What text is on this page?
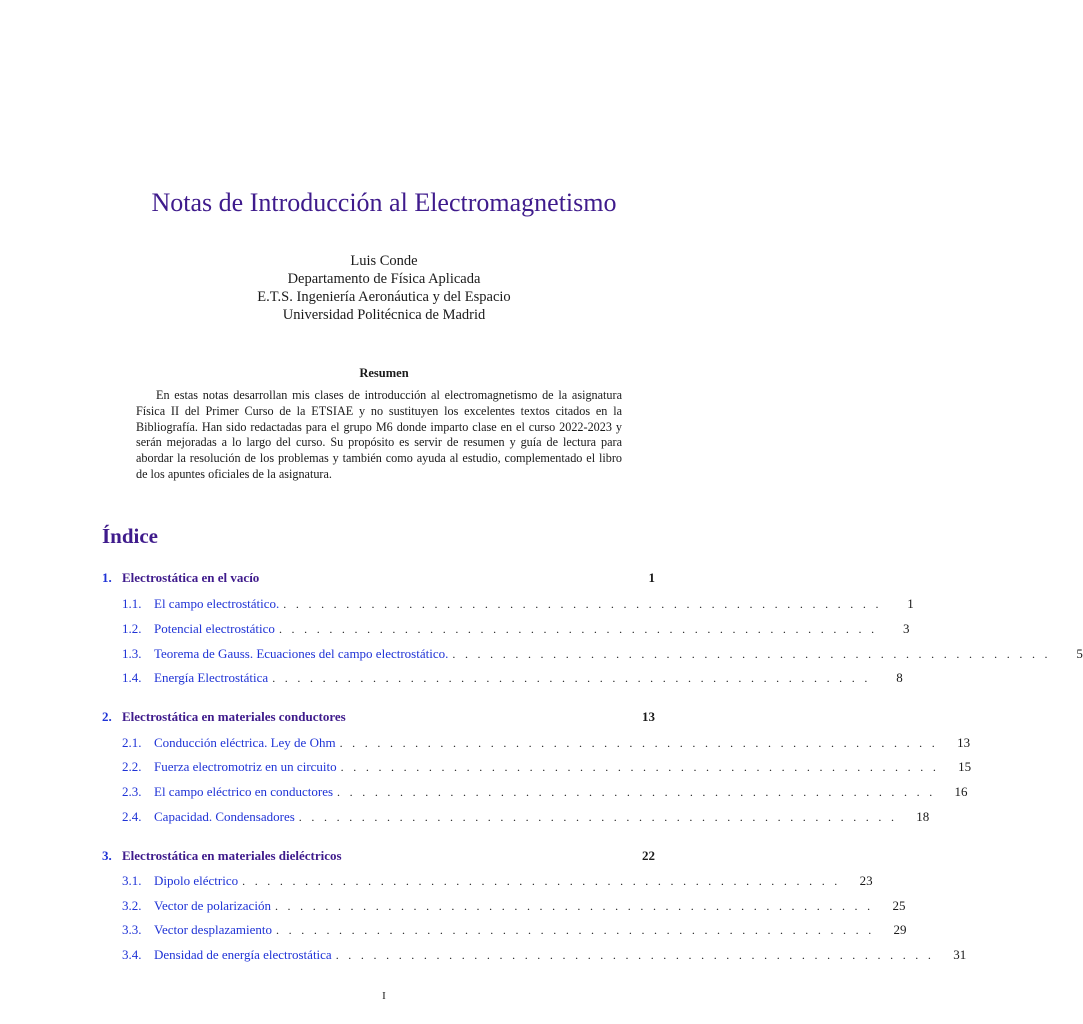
Notas de Introducción al Electromagnetismo
Luis Conde
Departamento de Física Aplicada
E.T.S. Ingeniería Aeronáutica y del Espacio
Universidad Politécnica de Madrid
Resumen

En estas notas desarrollan mis clases de introducción al electromagnetismo de la asignatura Física II del Primer Curso de la ETSIAE y no sustituyen los excelentes textos citados en la Bibliografía. Han sido redactadas para el grupo M6 donde imparto clase en el curso 2022-2023 y serán mejoradas a lo largo del curso. Su propósito es servir de resumen y guía de lectura para abordar la resolución de los problemas y también como ayuda al estudio, complementado el libro de los apuntes oficiales de la asignatura.

Índice
1. Electrostática en el vacío	1
1.1. El campo electrostático. . . . . . . . . . . . . . . . . . . . . . . . . . . . . . . . . . . . . . . . . . . . . . . . .	1
1.2. Potencial electrostático . . . . . . . . . . . . . . . . . . . . . . . . . . . . . . . . . . . . . . . . . . . . . . . .	3
1.3. Teorema de Gauss. Ecuaciones del campo electrostático. . . . . . . . . . . . . . . . . . . . . . . . . . . . . . . . . . . . . . . . . . . . . . . . .	5
1.4. Energía Electrostática . . . . . . . . . . . . . . . . . . . . . . . . . . . . . . . . . . . . . . . . . . . . . . . .	8
2. Electrostática en materiales conductores	13
2.1. Conducción eléctrica. Ley de Ohm . . . . . . . . . . . . . . . . . . . . . . . . . . . . . . . . . . . . . . . . . . . . . . . .	13
2.2. Fuerza electromotriz en un circuito . . . . . . . . . . . . . . . . . . . . . . . . . . . . . . . . . . . . . . . . . . . . . . . .	15
2.3. El campo eléctrico en conductores . . . . . . . . . . . . . . . . . . . . . . . . . . . . . . . . . . . . . . . . . . . . . . . .	16
2.4. Capacidad. Condensadores . . . . . . . . . . . . . . . . . . . . . . . . . . . . . . . . . . . . . . . . . . . . . . . .	18
3. Electrostática en materiales dieléctricos	22
3.1. Dipolo eléctrico . . . . . . . . . . . . . . . . . . . . . . . . . . . . . . . . . . . . . . . . . . . . . . . .	23
3.2. Vector de polarización . . . . . . . . . . . . . . . . . . . . . . . . . . . . . . . . . . . . . . . . . . . . . . . .	25
3.3. Vector desplazamiento . . . . . . . . . . . . . . . . . . . . . . . . . . . . . . . . . . . . . . . . . . . . . . . .	29
3.4. Densidad de energía electrostática . . . . . . . . . . . . . . . . . . . . . . . . . . . . . . . . . . . . . . . . . . . . . . . .	31
I
